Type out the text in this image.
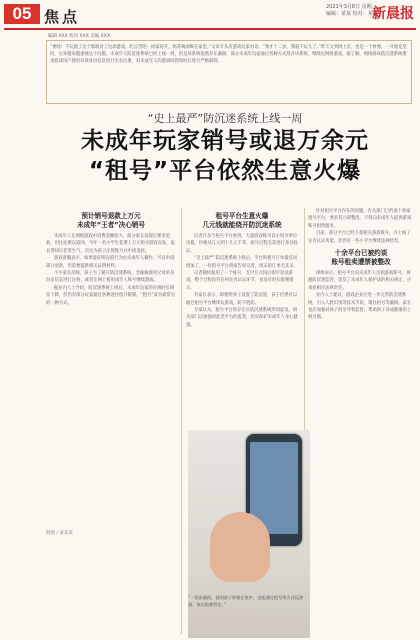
05 焦点
2021年3月8日 星期一
编辑：某某 校对：某某
新晨报
编辑 XXX 校对 XXX 美编 XXX
“要啥！不玩毁了这个那坡对了这款游戏，吃点苦吧一回家再开，喝茶喝酒喝在家里。”文章开头有游戏玩家对话。“我才十二岁，我就不玩儿了。”昨天又到网上有，也是一个拼图，一开始是坚持，后来越来越重视这个问题。未成年人防沉迷系统已经上线一周，但是该系统依然存在漏洞，部分未成年玩家通过各种方式绕开该系统，继续玩网络游戏。据了解，网络游戏防沉迷系统要求游戏用户使用有效身份信息进行实名注册，对未成年人的游戏时段和时长进行严格限制。
“史上最严”防沉迷系统上线一周
未成年玩家销号或退万余元
“租号”平台依然生意火爆
预计销号退款上万元
未成年“王者”决心销号

未成年人在网络游戏中消费金额较大，部分家长发现后要求退款，但往往难以追回。今年一名小学生花费上万元购买游戏皮肤，家长得知后非常生气，决定为孩子注销账号并申请退款。

游戏客服表示，如果能证明充值行为由未成年人操作，可以申请部分退款，但需要提供相关证明材料。

不少家长反映，孩子为了避开防沉迷系统，会偷偷使用父母的身份证信息进行注册，或者在网上租用成年人账号继续游戏。

据业内人士介绍，防沉迷系统上线后，未成年玩家的在线时长明显下降，但仍有部分玩家通过各种途径绕开限制，“租号”成为最常见的一种方式。

制图 / 某某某
租号平台生意火爆
几元钱就能绕开防沉迷系统

记者在多个租号平台看到，大量游戏账号以小时为单位出租，价格从几元到十几元不等，租号过程无需进行身份验证。

“史上最严”防沉迷系统上线后，平台的租号订单量反而增加了。一位租号平台商家告诉记者，周末的订单尤其多。

记者随机租用了一个账号，支付几元钱后即可登录游戏，整个过程没有任何实名认证环节，也没有时长限制提示。

有家长表示，即使给孩子设置了防沉迷，孩子仍然可以通过租号平台继续玩游戏，防不胜防。

专家认为，租号平台的存在让防沉迷系统形同虚设，相关部门应加强对此类平台的监管，切实保护未成年人身心健康。

针对租号平台存在的问题，有关部门已约谈十余家租号平台，要求其立即整改，不得向未成年人提供游戏账号租售服务。

目前，部分平台已经下架相关游戏账号，并上线了实名认证功能，但仍有一些小平台继续违规经营。

十余平台已被约谈
账号租卖遭禁被整改

律师表示，租号平台向未成年人出租游戏账号，规避防沉迷监管，违反了未成年人保护法的相关规定，应承担相应法律责任。

业内人士建议，游戏企业应进一步完善防沉迷系统，引入人脸识别等技术手段，堵住租号等漏洞。家长也应加强对孩子的引导和监督，帮助孩子养成健康的上网习惯。

“一张张截图，说明孩子即使在家中，也能通过租号等方式玩游戏，家长很难管住。”
